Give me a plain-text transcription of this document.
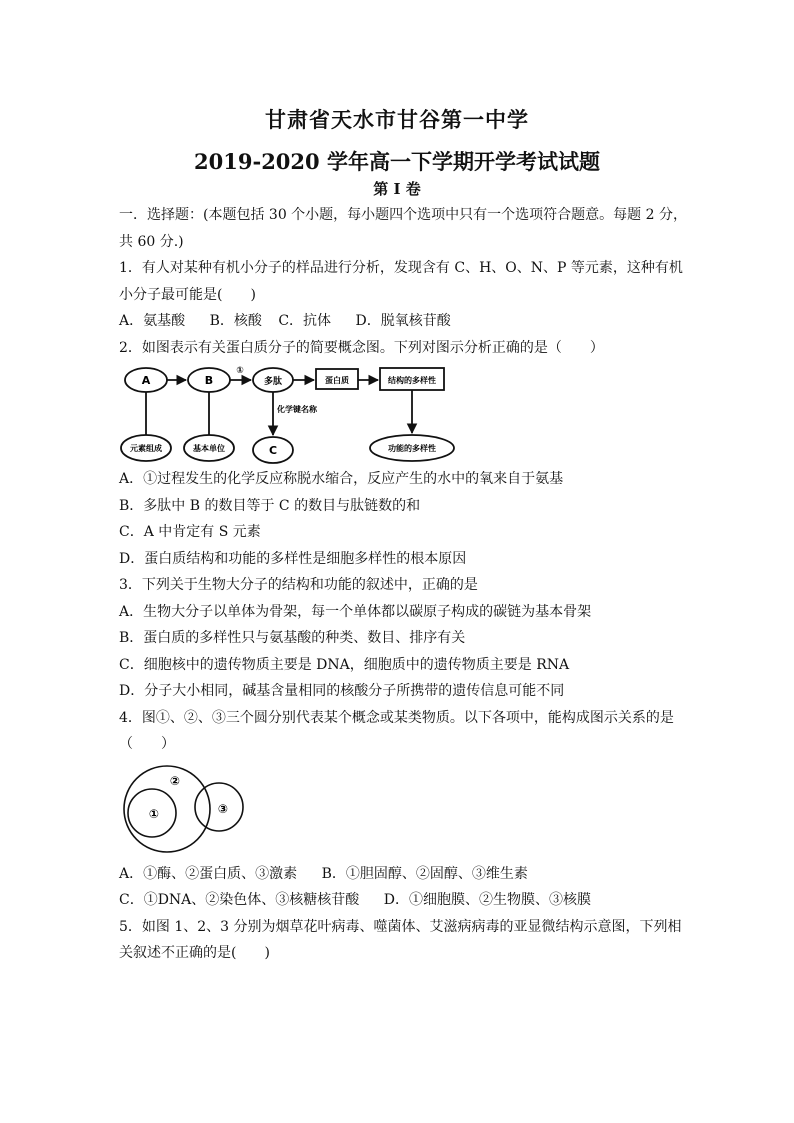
甘肃省天水市甘谷第一中学
2019-2020 学年高一下学期开学考试试题
第 I 卷

一．选择题：(本题包括 30 个小题，每小题四个选项中只有一个选项符合题意。每题 2 分，

共 60 分.)

1．有人对某种有机小分子的样品进行分析，发现含有 C、H、O、N、P 等元素，这种有机

小分子最可能是(　　)

A．氨基酸 B．核酸 C．抗体 D．脱氧核苷酸

2．如图表示有关蛋白质分子的简要概念图。下列对图示分析正确的是（　　）

A	B	多肽	蛋白质	结构的多样性
元素组成	基本单位	C	功能的多样性
①
化学键名称

A．①过程发生的化学反应称脱水缩合，反应产生的水中的氧来自于氨基

B．多肽中 B 的数目等于 C 的数目与肽链数的和

C．A 中肯定有 S 元素

D．蛋白质结构和功能的多样性是细胞多样性的根本原因

3．下列关于生物大分子的结构和功能的叙述中，正确的是

A．生物大分子以单体为骨架，每一个单体都以碳原子构成的碳链为基本骨架

B．蛋白质的多样性只与氨基酸的种类、数目、排序有关

C．细胞核中的遗传物质主要是 DNA，细胞质中的遗传物质主要是 RNA

D．分子大小相同，碱基含量相同的核酸分子所携带的遗传信息可能不同

4．图①、②、③三个圆分别代表某个概念或某类物质。以下各项中，能构成图示关系的是

（　　）

①
②
③

A．①酶、②蛋白质、③激素 B．①胆固醇、②固醇、③维生素

C．①DNA、②染色体、③核糖核苷酸 D．①细胞膜、②生物膜、③核膜

5．如图 1、2、3 分别为烟草花叶病毒、噬菌体、艾滋病病毒的亚显微结构示意图，下列相

关叙述不正确的是(　　)
